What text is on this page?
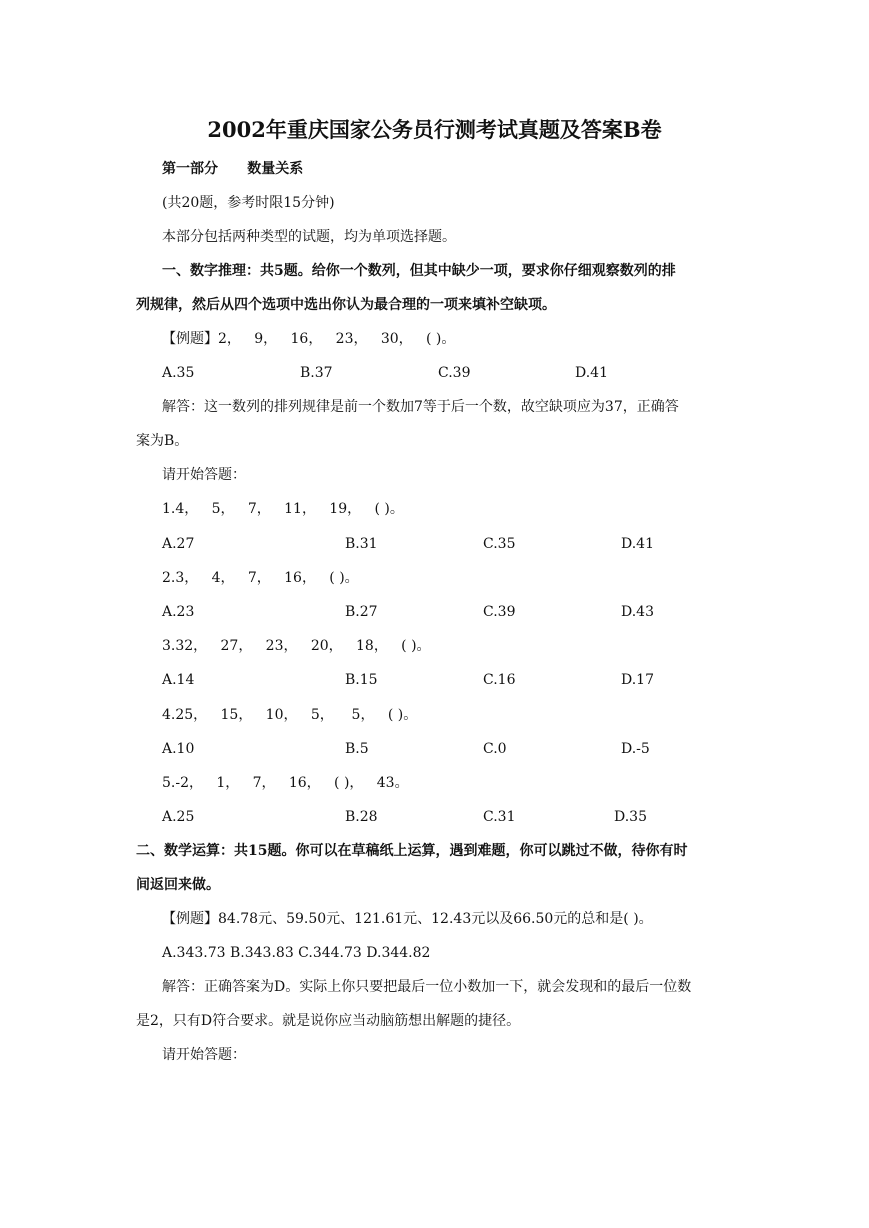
2002年重庆国家公务员行测考试真题及答案B卷
第一部分      数量关系
(共20题，参考时限15分钟)
本部分包括两种类型的试题，均为单项选择题。
一、数字推理：共5题。给你一个数列，但其中缺少一项，要求你仔细观察数列的排
列规律，然后从四个选项中选出你认为最合理的一项来填补空缺项。
【例题】2，   9，   16，   23，   30，   ( )。
A.35	B.37	C.39	D.41
解答：这一数列的排列规律是前一个数加7等于后一个数，故空缺项应为37，正确答
案为B。
请开始答题：
1.4，   5，   7，   11，   19，   ( )。
A.27	B.31	C.35	D.41
2.3，   4，   7，   16，   ( )。
A.23	B.27	C.39	D.43
3.32，   27，   23，   20，   18，   ( )。
A.14	B.15	C.16	D.17
4.25，   15，   10，   5，    5，   ( )。
A.10	B.5	C.0	D.-5
5.-2，   1，   7，   16，   ( )，   43。
A.25	B.28	C.31	D.35
二、数学运算：共15题。你可以在草稿纸上运算，遇到难题，你可以跳过不做，待你有时
间返回来做。
【例题】84.78元、59.50元、121.61元、12.43元以及66.50元的总和是( )。
A.343.73 B.343.83 C.344.73 D.344.82
解答：正确答案为D。实际上你只要把最后一位小数加一下，就会发现和的最后一位数
是2，只有D符合要求。就是说你应当动脑筋想出解题的捷径。
请开始答题：
